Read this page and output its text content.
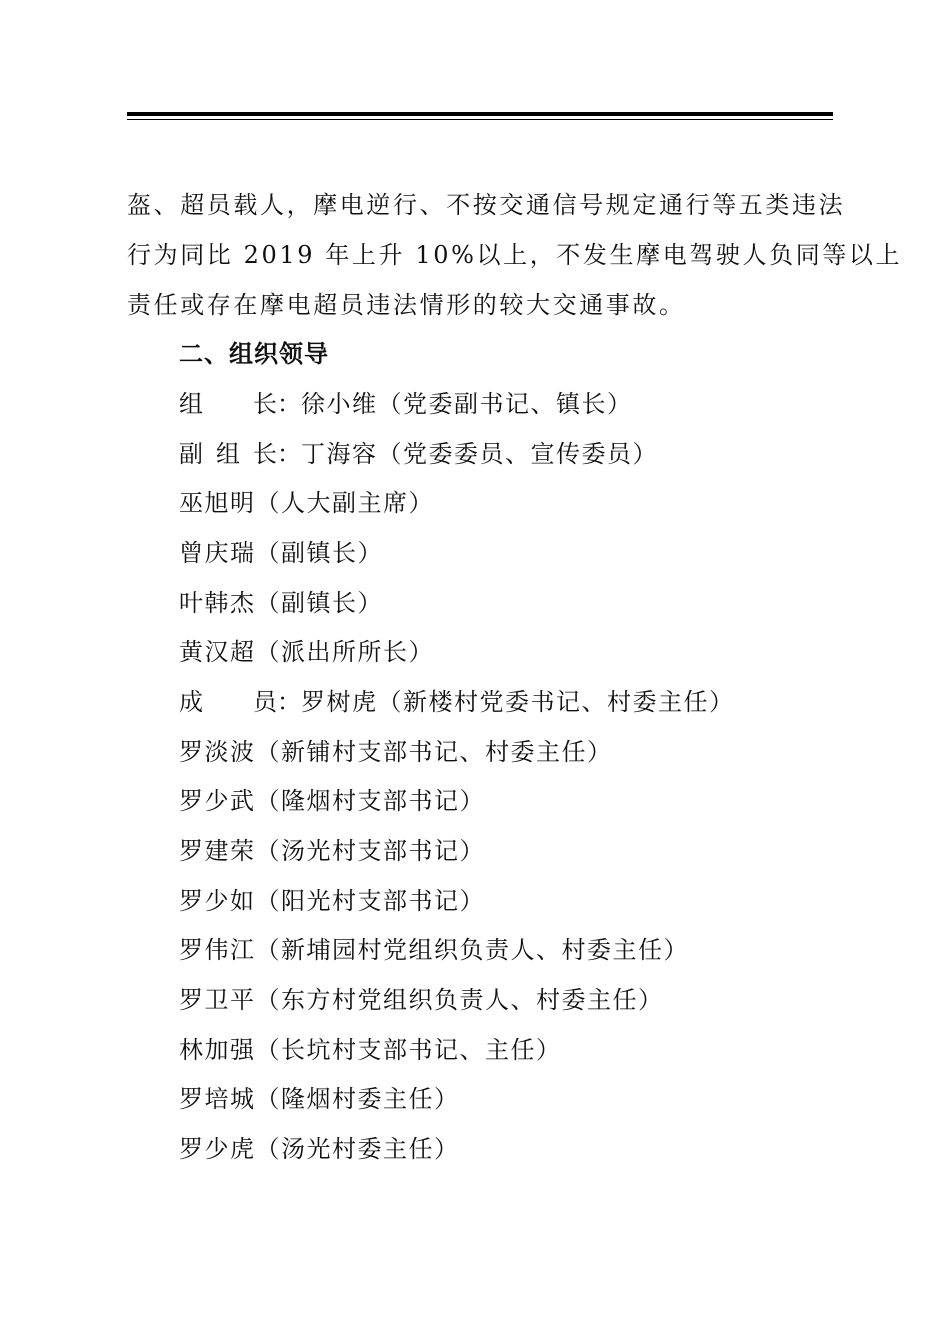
盔、超员载人，摩电逆行、不按交通信号规定通行等五类违法
行为同比 2019 年上升 10%以上，不发生摩电驾驶人负同等以上
责任或存在摩电超员违法情形的较大交通事故。
二、组织领导
组 长： 徐小维（党委副书记、镇长）
副 组 长： 丁海容（党委委员、宣传委员）
巫旭明（人大副主席）
曾庆瑞（副镇长）
叶韩杰（副镇长）
黄汉超（派出所所长）
成 员： 罗树虎（新楼村党委书记、村委主任）
罗淡波（新铺村支部书记、村委主任）
罗少武（隆烟村支部书记）
罗建荣（汤光村支部书记）
罗少如（阳光村支部书记）
罗伟江（新埔园村党组织负责人、村委主任）
罗卫平（东方村党组织负责人、村委主任）
林加强（长坑村支部书记、主任）
罗培城（隆烟村委主任）
罗少虎（汤光村委主任）
